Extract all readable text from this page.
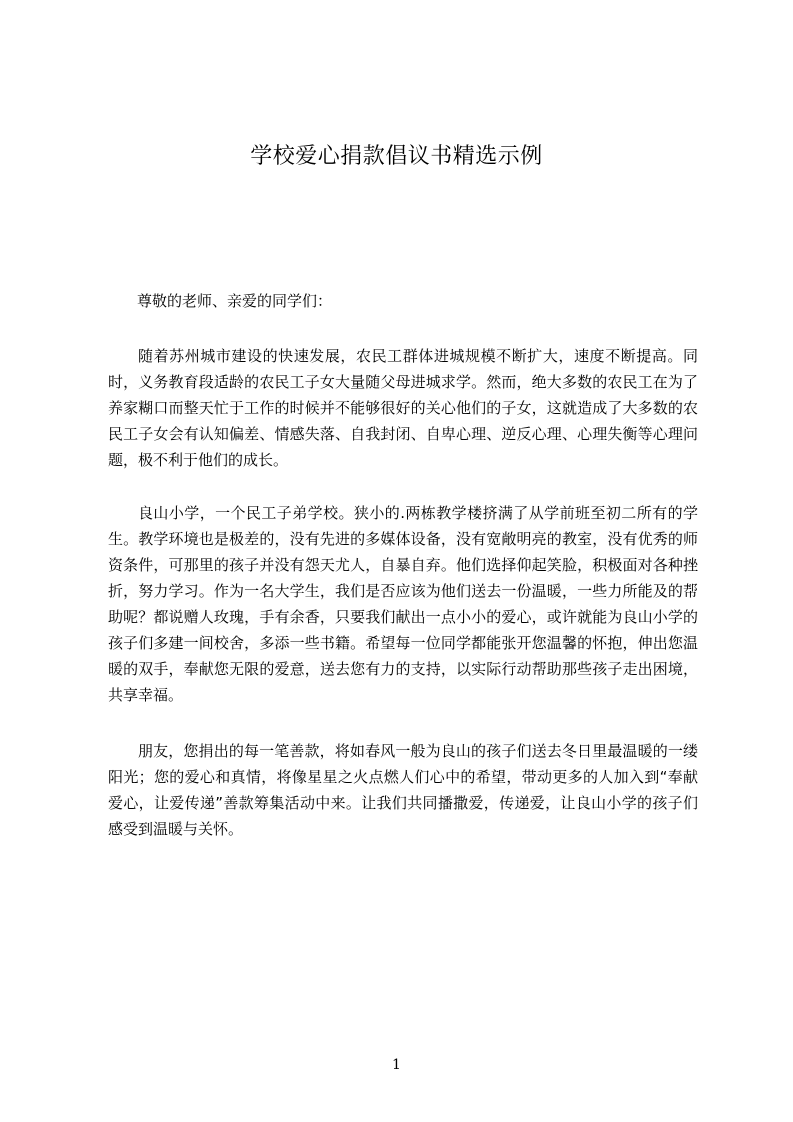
学校爱心捐款倡议书精选示例

尊敬的老师、亲爱的同学们：

随着苏州城市建设的快速发展，农民工群体进城规模不断扩大，速度不断提高。同时，义务教育段适龄的农民工子女大量随父母进城求学。然而，绝大多数的农民工在为了养家糊口而整天忙于工作的时候并不能够很好的关心他们的子女，这就造成了大多数的农民工子女会有认知偏差、情感失落、自我封闭、自卑心理、逆反心理、心理失衡等心理问题，极不利于他们的成长。

良山小学，一个民工子弟学校。狭小的.两栋教学楼挤满了从学前班至初二所有的学生。教学环境也是极差的，没有先进的多媒体设备，没有宽敞明亮的教室，没有优秀的师资条件，可那里的孩子并没有怨天尤人，自暴自弃。他们选择仰起笑脸，积极面对各种挫折，努力学习。作为一名大学生，我们是否应该为他们送去一份温暖，一些力所能及的帮助呢？都说赠人玫瑰，手有余香，只要我们献出一点小小的爱心，或许就能为良山小学的孩子们多建一间校舍，多添一些书籍。希望每一位同学都能张开您温馨的怀抱，伸出您温暖的双手，奉献您无限的爱意，送去您有力的支持，以实际行动帮助那些孩子走出困境，共享幸福。

朋友，您捐出的每一笔善款，将如春风一般为良山的孩子们送去冬日里最温暖的一缕阳光；您的爱心和真情，将像星星之火点燃人们心中的希望，带动更多的人加入到“奉献爱心，让爱传递”善款筹集活动中来。让我们共同播撒爱，传递爱，让良山小学的孩子们感受到温暖与关怀。

1
